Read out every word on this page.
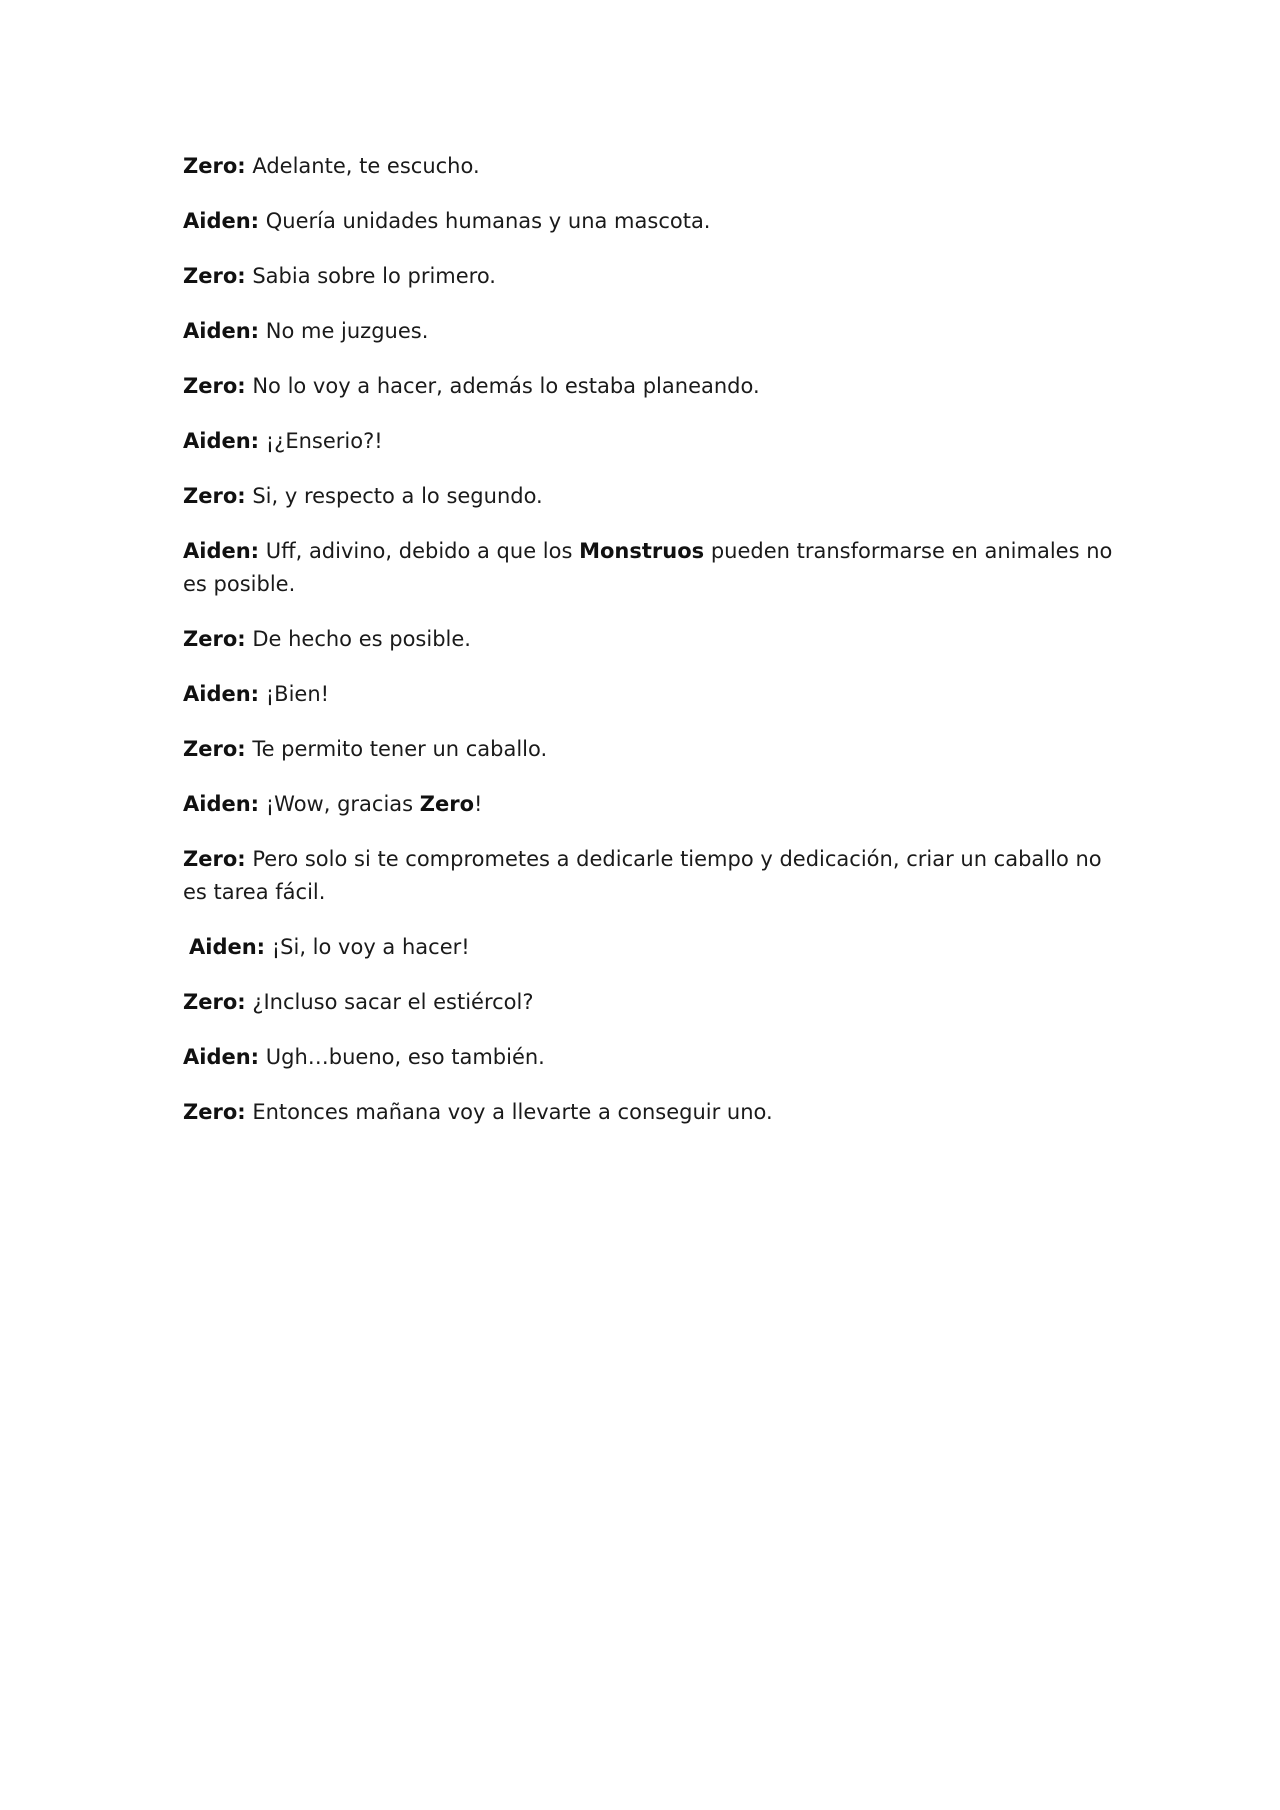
Zero: Adelante, te escucho.

Aiden: Quería unidades humanas y una mascota.

Zero: Sabia sobre lo primero.

Aiden: No me juzgues.

Zero: No lo voy a hacer, además lo estaba planeando.

Aiden: ¡¿Enserio?!

Zero: Si, y respecto a lo segundo.

Aiden: Uff, adivino, debido a que los Monstruos pueden transformarse en animales no es posible.

Zero: De hecho es posible.

Aiden: ¡Bien!

Zero: Te permito tener un caballo.

Aiden: ¡Wow, gracias Zero!

Zero: Pero solo si te comprometes a dedicarle tiempo y dedicación, criar un caballo no es tarea fácil.

Aiden: ¡Si, lo voy a hacer!

Zero: ¿Incluso sacar el estiércol?

Aiden: Ugh…bueno, eso también.

Zero: Entonces mañana voy a llevarte a conseguir uno.
